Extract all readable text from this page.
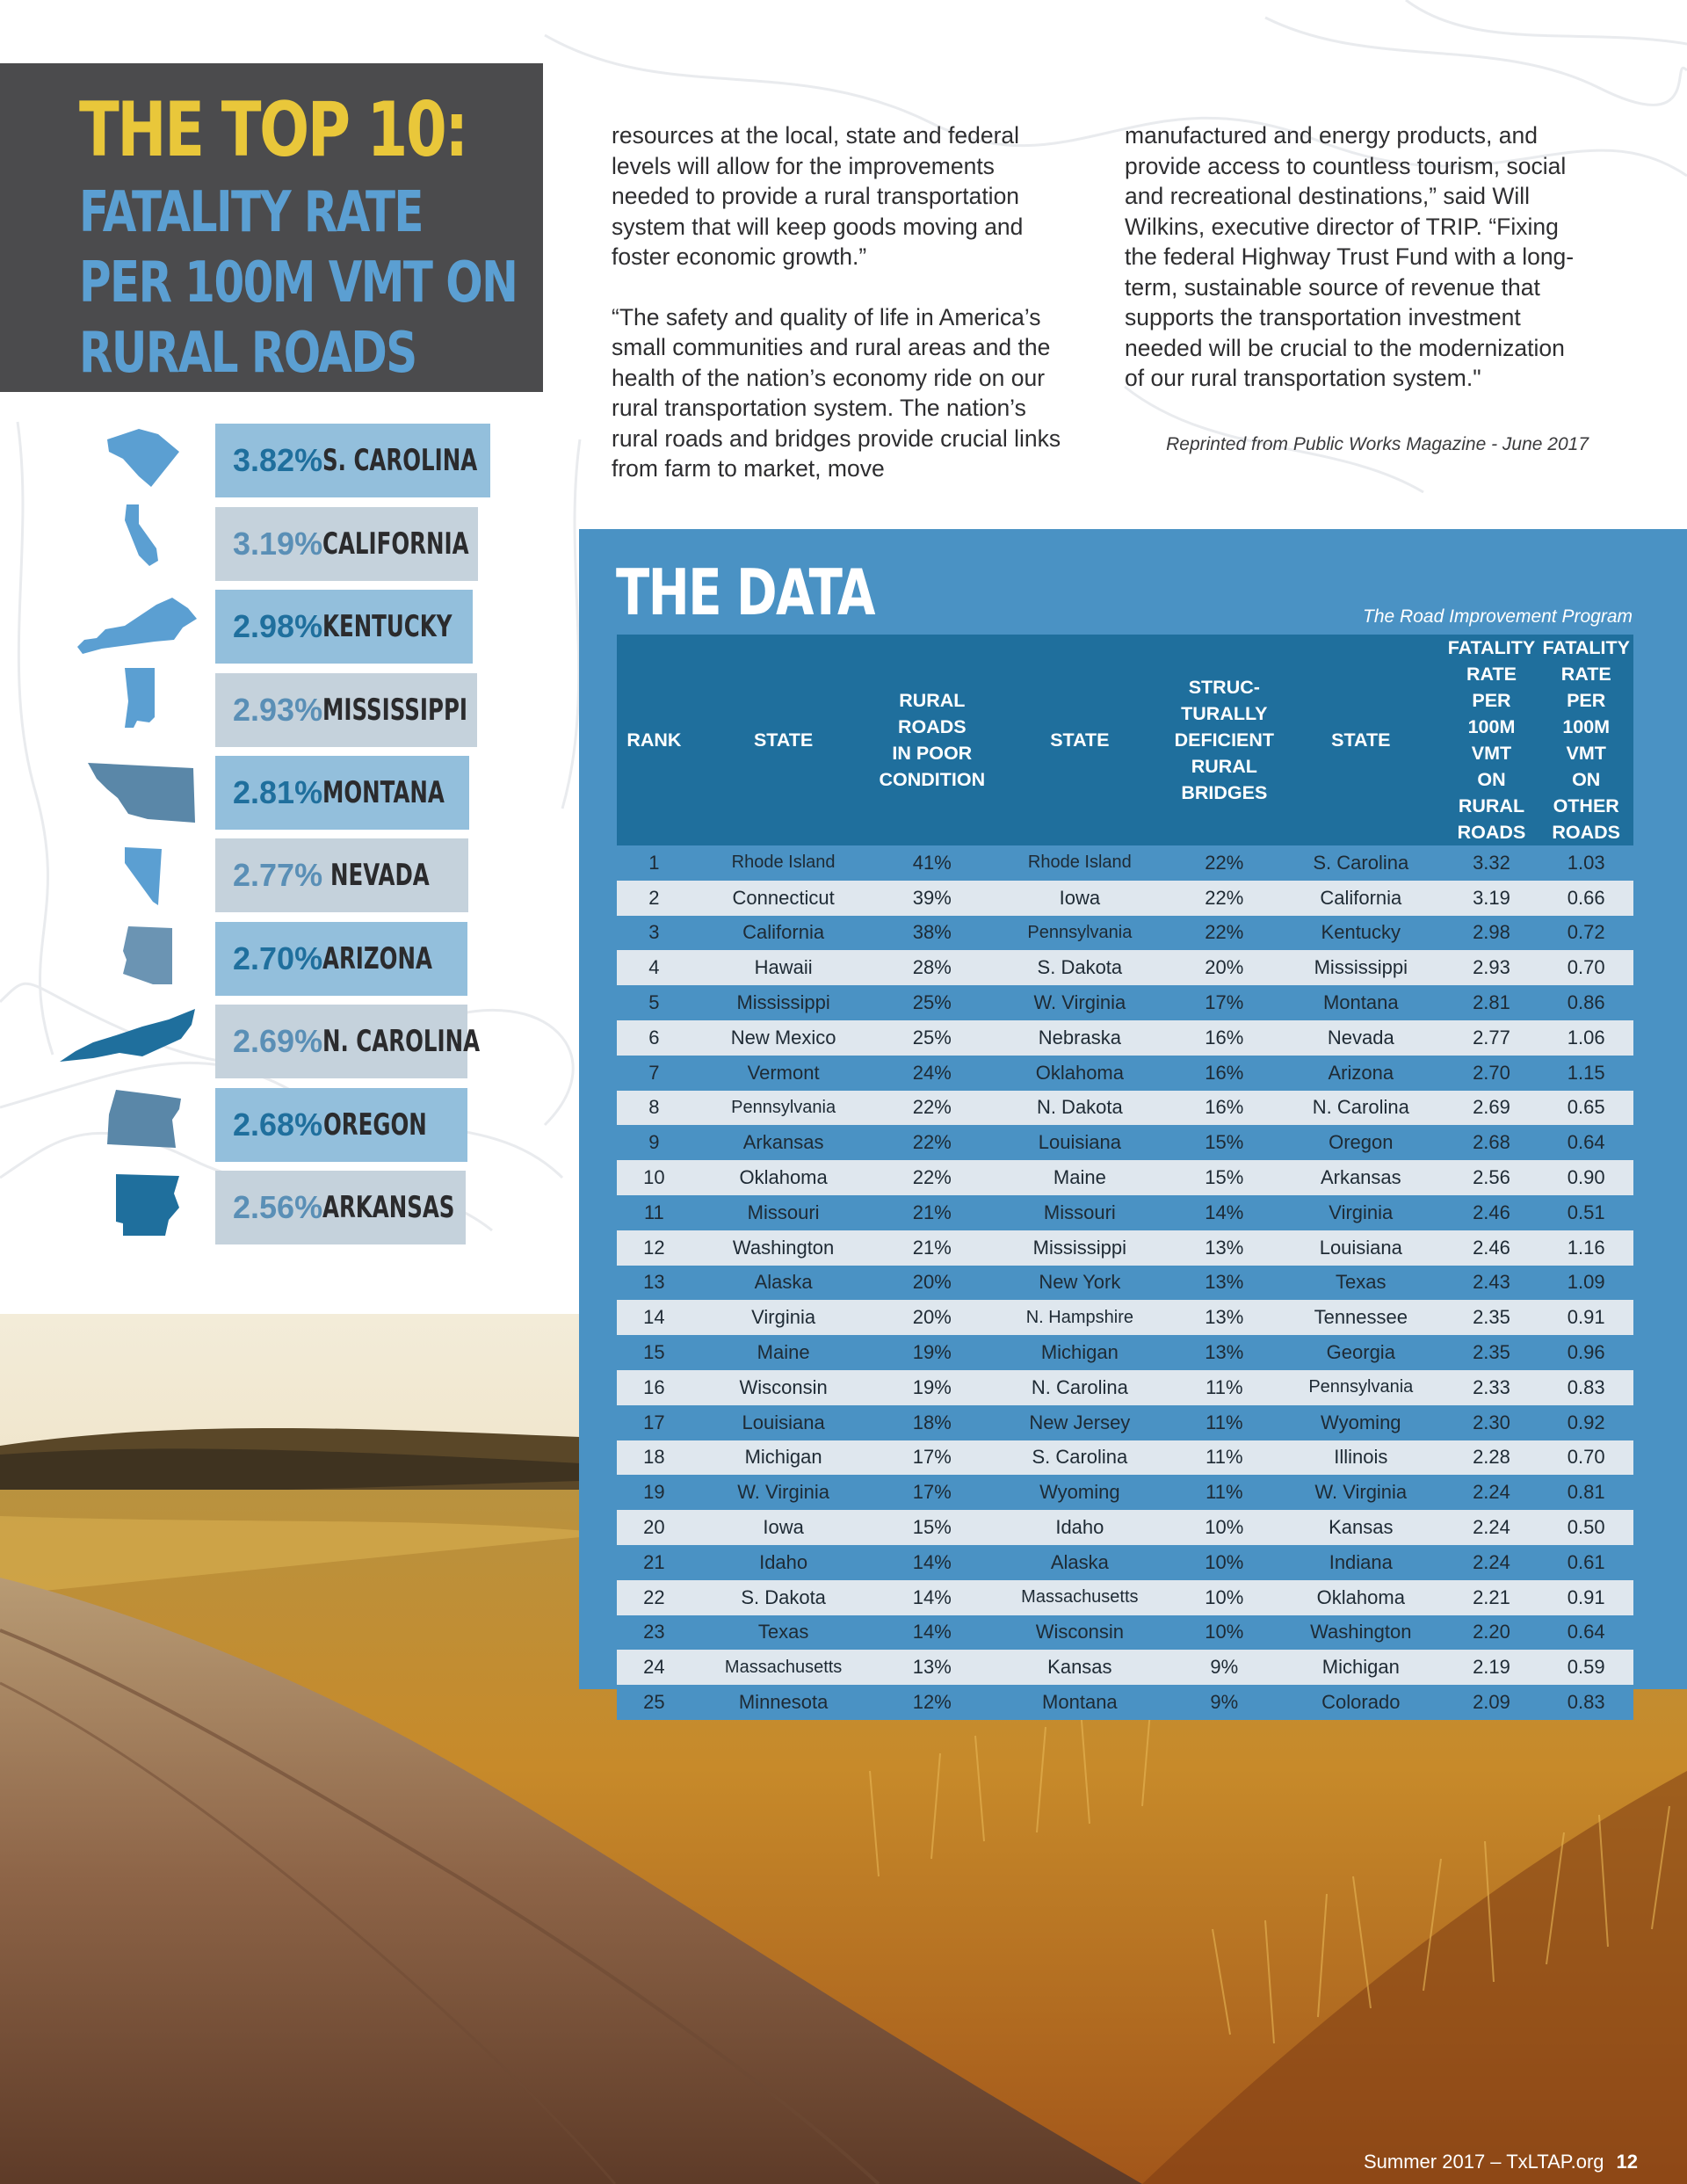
THE TOP 10:
FATALITY RATE
PER 100M VMT ON
RURAL ROADS
3.82% S. CAROLINA
3.19% CALIFORNIA
2.98% KENTUCKY
2.93% MISSISSIPPI
2.81% MONTANA
2.77% NEVADA
2.70% ARIZONA
2.69% N. CAROLINA
2.68% OREGON
2.56% ARKANSAS

resources at the local, state and federal levels will allow for the improvements needed to provide a rural transportation system that will keep goods moving and foster economic growth.”

“The safety and quality of life in America’s small communities and rural areas and the health of the nation’s economy ride on our rural transportation system. The nation’s rural roads and bridges provide crucial links from farm to market, move

manufactured and energy products, and provide access to countless tourism, social and recreational destinations,” said Will Wilkins, executive director of TRIP. “Fixing the federal Highway Trust Fund with a long-term, sustainable source of revenue that supports the transportation investment needed will be crucial to the modernization of our rural transportation system."

Reprinted from Public Works Magazine - June 2017
THE DATA	The Road Improvement Program
RANK	STATE	RURAL
ROADS
IN POOR
CONDITION	STATE	STRUC-
TURALLY
DEFICIENT
RURAL
BRIDGES	STATE	FATALITY
RATE PER
100M VMT
ON RURAL
ROADS	FATALITY
RATE PER
100M VMT
ON OTHER
ROADS

1	Rhode Island	41%	Rhode Island	22%	S. Carolina	3.32	1.03
2	Connecticut	39%	Iowa	22%	California	3.19	0.66
3	California	38%	Pennsylvania	22%	Kentucky	2.98	0.72
4	Hawaii	28%	S. Dakota	20%	Mississippi	2.93	0.70
5	Mississippi	25%	W. Virginia	17%	Montana	2.81	0.86
6	New Mexico	25%	Nebraska	16%	Nevada	2.77	1.06
7	Vermont	24%	Oklahoma	16%	Arizona	2.70	1.15
8	Pennsylvania	22%	N. Dakota	16%	N. Carolina	2.69	0.65
9	Arkansas	22%	Louisiana	15%	Oregon	2.68	0.64
10	Oklahoma	22%	Maine	15%	Arkansas	2.56	0.90
11	Missouri	21%	Missouri	14%	Virginia	2.46	0.51
12	Washington	21%	Mississippi	13%	Louisiana	2.46	1.16
13	Alaska	20%	New York	13%	Texas	2.43	1.09
14	Virginia	20%	N. Hampshire	13%	Tennessee	2.35	0.91
15	Maine	19%	Michigan	13%	Georgia	2.35	0.96
16	Wisconsin	19%	N. Carolina	11%	Pennsylvania	2.33	0.83
17	Louisiana	18%	New Jersey	11%	Wyoming	2.30	0.92
18	Michigan	17%	S. Carolina	11%	Illinois	2.28	0.70
19	W. Virginia	17%	Wyoming	11%	W. Virginia	2.24	0.81
20	Iowa	15%	Idaho	10%	Kansas	2.24	0.50
21	Idaho	14%	Alaska	10%	Indiana	2.24	0.61
22	S. Dakota	14%	Massachusetts	10%	Oklahoma	2.21	0.91
23	Texas	14%	Wisconsin	10%	Washington	2.20	0.64
24	Massachusetts	13%	Kansas	9%	Michigan	2.19	0.59
25	Minnesota	12%	Montana	9%	Colorado	2.09	0.83
Summer 2017 – TxLTAP.org 12
